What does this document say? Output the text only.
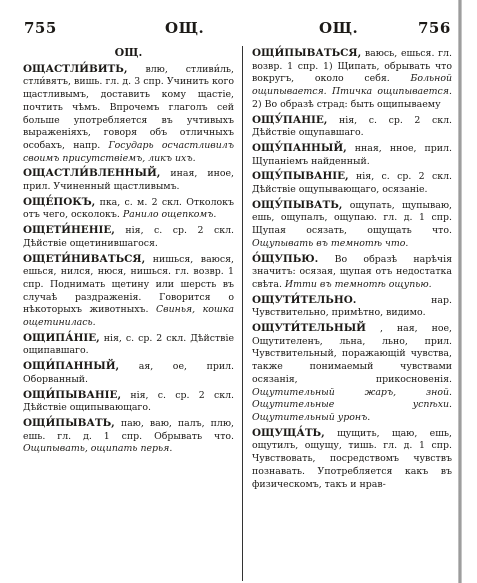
755	ОЩ.	ОЩ.	756

ОЩ.

ОЩАСТЛИ́ВИТЬ, влю, стливи́ль, стли́вятъ, вишь. гл. д. 3 спр. Учинить кого щастливымъ, доставить кому щастіе, почтить чѣмъ. Впрочемъ глаголъ сей больше употребляется въ учтивыхъ выраженіяхъ, говоря объ отличныхъ особахъ, напр. Государь осчастливилъ своимъ присутствіемъ, ликъ ихъ.

ОЩАСТЛИ́ВЛЕННЫЙ, иная, иное, прил. Учиненный щастливымъ.

ОЩЕ́ПОКЪ, пка, с. м. 2 скл. Отколокъ отъ чего, осколокъ. Ранило ощепкомъ.

ОЩЕТИ́НЕНІЕ, нія, с. ср. 2 скл. Дѣйствіе ощетинившагося.

ОЩЕТИ́НИВАТЬСЯ, нишься, ваюся, ешься, нился, нюся, нишься. гл. возвр. 1 спр. Поднимать щетину или шерсть въ случаѣ раздраженія. Говорится о нѣкоторыхъ животныхъ. Свинья, кошка ощетинилась.

ОЩИПА́НІЕ, нія, с. ср. 2 скл. Дѣйствіе ощипавшаго.

ОЩИ́ПАННЫЙ, ая, ое, прил. Оборванный.

ОЩИ́ПЫВАНІЕ, нія, с. ср. 2 скл. Дѣйствіе ощипывающаго.

ОЩИ́ПЫВАТЬ, паю, ваю, палъ, плю, ешь. гл. д. 1 спр. Обрывать что. Ощипывать, ощипать перья.

ОЩИ́ПЫВАТЬСЯ, ваюсь, ешься. гл. возвр. 1 спр. 1) Щипать, обрывать что вокругъ, около себя. Больной ощипывается. Птичка ощипывается. 2) Во образѣ страд: быть ощипываему

ОЩУ́ПАНІЕ, нія, с. ср. 2 скл. Дѣйствіе ощупавшаго.

ОЩУ́ПАННЫЙ, нная, нное, прил. Щупанiемъ найденный.

ОЩУ́ПЫВАНІЕ, нія, с. ср. 2 скл. Дѣйствіе ощупывающаго, осязаніе.

ОЩУ́ПЫВАТЬ, ощупать, щупываю, ешь, ощупалъ, ощупаю. гл. д. 1 спр. Щупая осязать, ощущать что. Ощупывать въ темнотѣ что.

О́ЩУПЬЮ. Во образѣ нарѣчія значитъ: осязая, щупая отъ недостатка свѣта. Итти въ темнотѣ ощупью.

ОЩУТИ́ТЕЛЬНО. нар. Чувствительно, примѣтно, видимо.

ОЩУТИ́ТЕЛЬНЫЙ , ная, ное, Ощутителенъ, льна, льно, прил. Чувствительный, поражающій чувства, также понимаемый чувствами осязанія, прикосновенія. Ощутительный жаръ, зной. Ощутительные успѣхи. Ощутительный уронъ.

ОЩУЩА́ТЬ, щущить, щаю, ешь, ощутилъ, ощущу, тишь. гл. д. 1 спр. Чувствовать, посредствомъ чувствъ познавать. Употребляется какъ въ физическомъ, такъ и нрав-
